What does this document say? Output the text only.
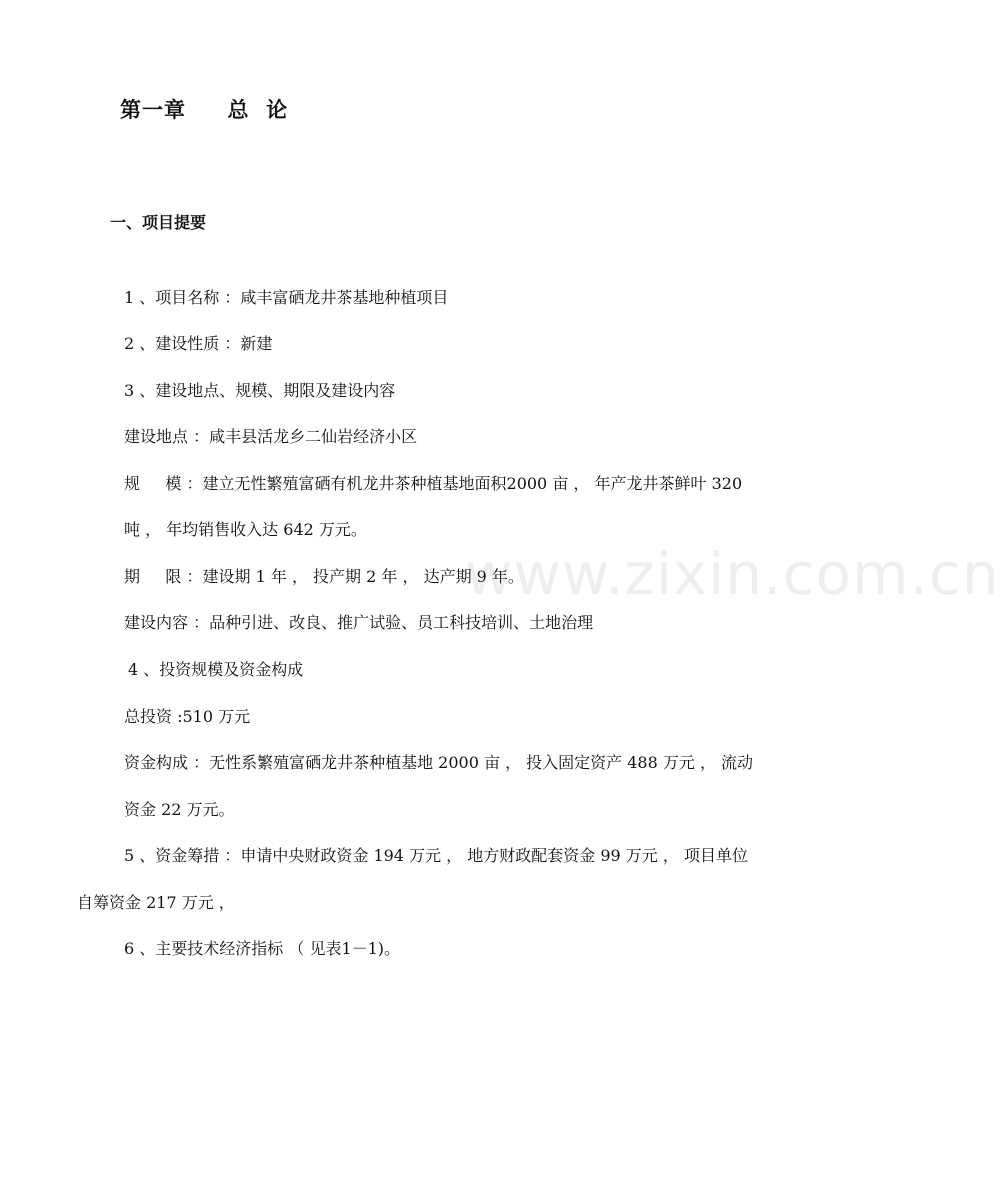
第一章     总  论
一、项目提要
1 、项目名称 ：咸丰富硒龙井茶基地种植项目
2 、建设性质 ：新建
3 、建设地点、规模、期限及建设内容
建设地点 ：咸丰县活龙乡二仙岩经济小区
规     模 ：建立无性繁殖富硒有机龙井茶种植基地面积2000 亩 ， 年产龙井茶鲜叶 320
吨 ， 年均销售收入达 642 万元。
期     限 ：建设期 1 年 ， 投产期 2 年 ， 达产期 9 年。
建设内容 ：品种引进、改良、推广试验、员工科技培训、土地治理
4 、投资规模及资金构成
总投资 :510 万元
资金构成 ：无性系繁殖富硒龙井茶种植基地 2000 亩 ， 投入固定资产 488 万元 ， 流动
资金 22 万元。
5 、资金筹措 ：申请中央财政资金 194 万元 ， 地方财政配套资金 99 万元 ， 项目单位
自筹资金 217 万元 ，
6 、主要技术经济指标 （ 见表1－1)。
www.zixin.com.cn
